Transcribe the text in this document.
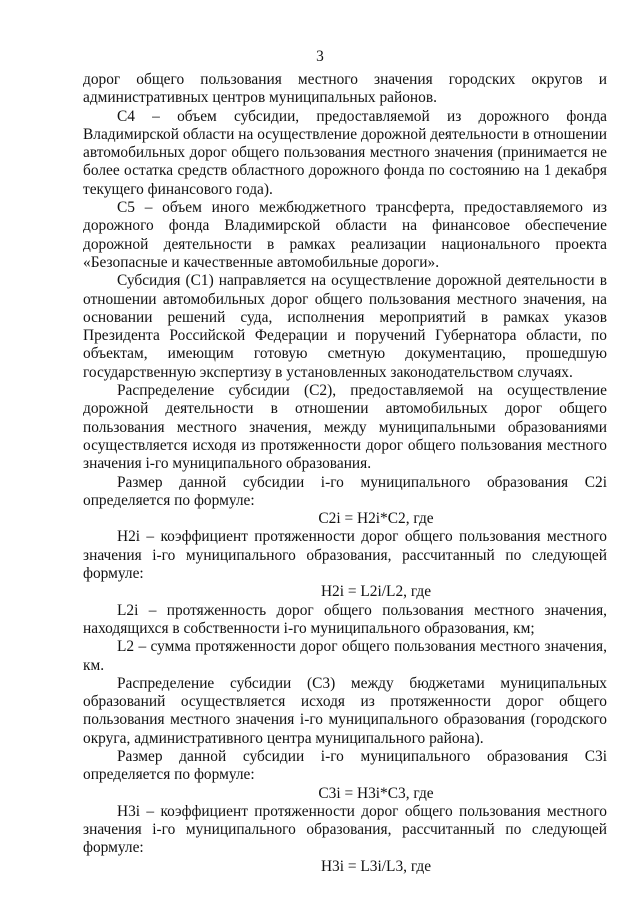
3

дорог общего пользования местного значения городских округов и административных центров муниципальных районов.

С4 – объем субсидии, предоставляемой из дорожного фонда Владимирской области на осуществление дорожной деятельности в отношении автомобильных дорог общего пользования местного значения (принимается не более остатка средств областного дорожного фонда по состоянию на 1 декабря текущего финансового года).

С5 – объем иного межбюджетного трансферта, предоставляемого из дорожного фонда Владимирской области на финансовое обеспечение дорожной деятельности в рамках реализации национального проекта «Безопасные и качественные автомобильные дороги».

Субсидия (С1) направляется на осуществление дорожной деятельности в отношении автомобильных дорог общего пользования местного значения, на основании решений суда, исполнения мероприятий в рамках указов Президента Российской Федерации и поручений Губернатора области, по объектам, имеющим готовую сметную документацию, прошедшую государственную экспертизу в установленных законодательством случаях.

Распределение субсидии (С2), предоставляемой на осуществление дорожной деятельности в отношении автомобильных дорог общего пользования местного значения, между муниципальными образованиями осуществляется исходя из протяженности дорог общего пользования местного значения i-го муниципального образования.

Размер данной субсидии i-го муниципального образования С2i определяется по формуле:

С2i = Н2i*С2, где

Н2i – коэффициент протяженности дорог общего пользования местного значения i-го муниципального образования, рассчитанный по следующей формуле:

Н2i = L2i/L2, где

L2i – протяженность дорог общего пользования местного значения, находящихся в собственности i-го муниципального образования, км;

L2 – сумма протяженности дорог общего пользования местного значения, км.

Распределение субсидии (С3) между бюджетами муниципальных образований осуществляется исходя из протяженности дорог общего пользования местного значения i-го муниципального образования (городского округа, административного центра муниципального района).

Размер данной субсидии i-го муниципального образования С3i определяется по формуле:

С3i = Н3i*С3, где

Н3i – коэффициент протяженности дорог общего пользования местного значения i-го муниципального образования, рассчитанный по следующей формуле:

Н3i = L3i/L3, где
